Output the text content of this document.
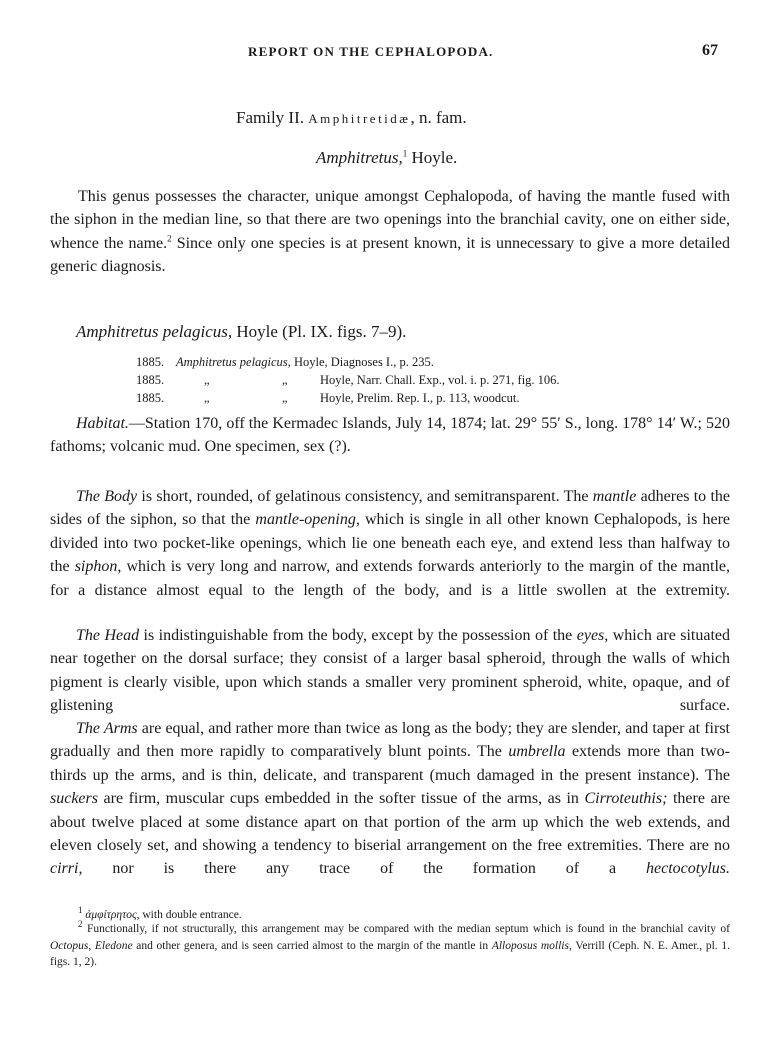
REPORT ON THE CEPHALOPODA.	67
Family II. Amphitretidæ, n. fam.
Amphitretus,$^1$ Hoyle.
This genus possesses the character, unique amongst Cephalopoda, of having the mantle fused with the siphon in the median line, so that there are two openings into the branchial cavity, one on either side, whence the name.$^2$ Since only one species is at present known, it is unnecessary to give a more detailed generic diagnosis.
Amphitretus pelagicus, Hoyle (Pl. IX. figs. 7–9).
1885. Amphitretus pelagicus, Hoyle, Diagnoses I., p. 235.
1885.	„	„	Hoyle, Narr. Chall. Exp., vol. i. p. 271, fig. 106.
1885.	„	„	Hoyle, Prelim. Rep. I., p. 113, woodcut.
Habitat.—Station 170, off the Kermadec Islands, July 14, 1874; lat. 29° 55′ S., long. 178° 14′ W.; 520 fathoms; volcanic mud. One specimen, sex (?).
The Body is short, rounded, of gelatinous consistency, and semitransparent. The mantle adheres to the sides of the siphon, so that the mantle-opening, which is single in all other known Cephalopods, is here divided into two pocket-like openings, which lie one beneath each eye, and extend less than halfway to the siphon, which is very long and narrow, and extends forwards anteriorly to the margin of the mantle, for a distance almost equal to the length of the body, and is a little swollen at the extremity.
The Head is indistinguishable from the body, except by the possession of the eyes, which are situated near together on the dorsal surface; they consist of a larger basal spheroid, through the walls of which pigment is clearly visible, upon which stands a smaller very prominent spheroid, white, opaque, and of glistening surface.
The Arms are equal, and rather more than twice as long as the body; they are slender, and taper at first gradually and then more rapidly to comparatively blunt points. The umbrella extends more than two-thirds up the arms, and is thin, delicate, and transparent (much damaged in the present instance). The suckers are firm, muscular cups embedded in the softer tissue of the arms, as in Cirroteuthis; there are about twelve placed at some distance apart on that portion of the arm up which the web extends, and eleven closely set, and showing a tendency to biserial arrangement on the free extremities. There are no cirri, nor is there any trace of the formation of a hectocotylus.
$^1$ ἀμφίτρητος, with double entrance.
$^2$ Functionally, if not structurally, this arrangement may be compared with the median septum which is found in the branchial cavity of Octopus, Eledone and other genera, and is seen carried almost to the margin of the mantle in Alloposus mollis, Verrill (Ceph. N. E. Amer., pl. 1. figs. 1, 2).
